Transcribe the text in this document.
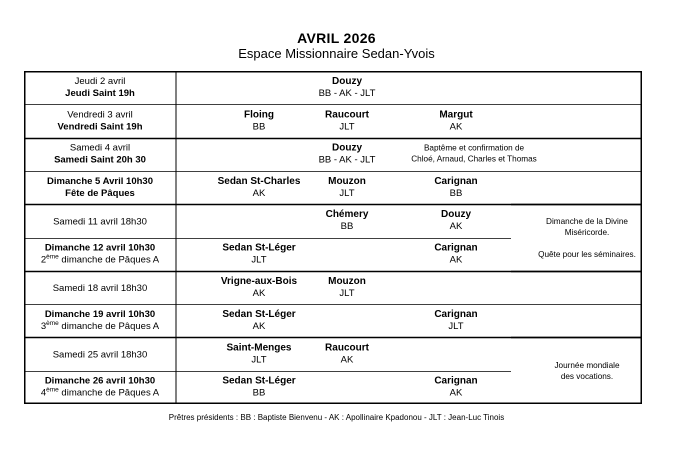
AVRIL 2026
Espace Missionnaire Sedan-Yvois
Jeudi 2 avril
Jeudi Saint 19h
Douzy
BB - AK - JLT
Vendredi 3 avril
Vendredi Saint 19h
Floing
BB
Raucourt
JLT
Margut
AK
Samedi 4 avril
Samedi Saint 20h 30
Douzy
BB - AK - JLT
Dimanche 5 Avril 10h30
Fête de Pâques
Sedan St-Charles
AK
Mouzon
JLT
Carignan
BB
Samedi 11 avril 18h30
Chémery
BB
Douzy
AK
Dimanche 12 avril 10h30
2ème dimanche de Pâques A
Sedan St-Léger
JLT
Carignan
AK
Samedi 18 avril 18h30
Vrigne-aux-Bois
AK
Mouzon
JLT
Dimanche 19 avril 10h30
3ème dimanche de Pâques A
Sedan St-Léger
AK
Carignan
JLT
Samedi 25 avril 18h30
Saint-Menges
JLT
Raucourt
AK
Dimanche 26 avril 10h30
4ème dimanche de Pâques A
Sedan St-Léger
BB
Carignan
AK
Baptême et confirmation de
Chloé, Arnaud, Charles et Thomas
Dimanche de la Divine
Miséricorde.
Quête pour les séminaires.
Journée mondiale
des vocations.
Prêtres présidents : BB : Baptiste Bienvenu - AK : Apollinaire Kpadonou - JLT : Jean-Luc Tinois
